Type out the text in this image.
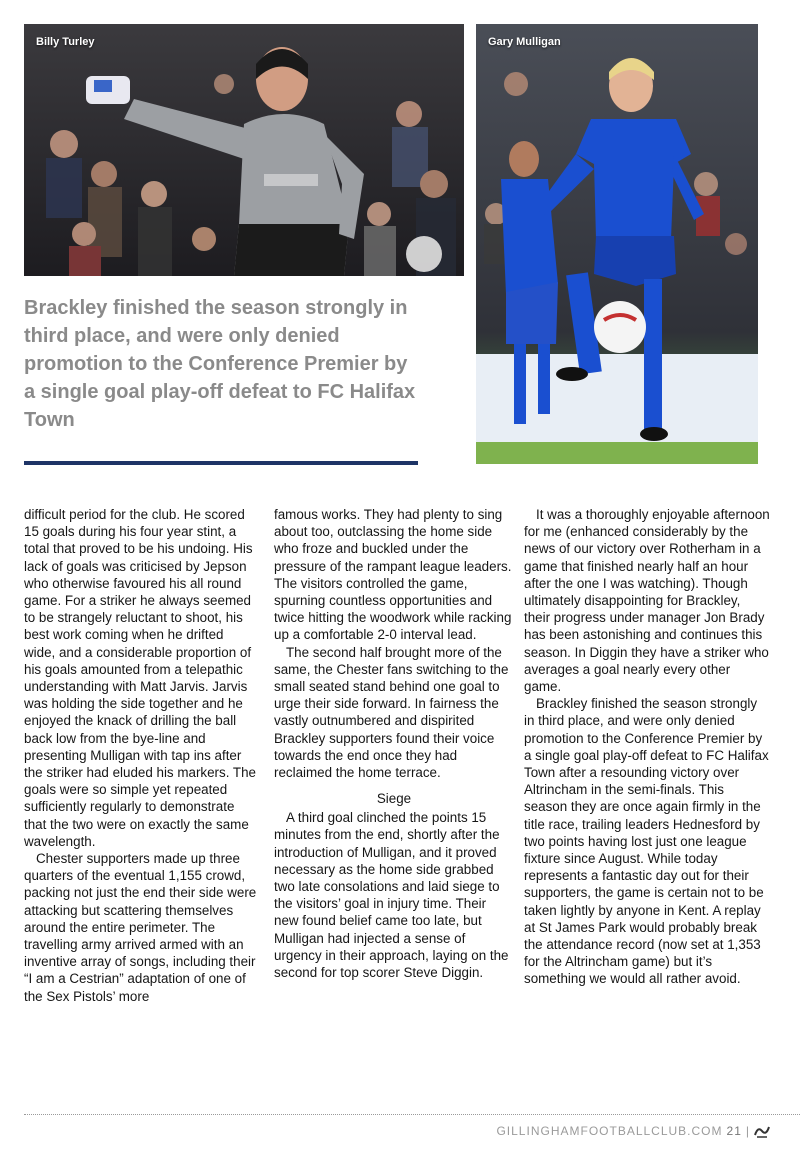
Billy Turley	Gary Mulligan
Brackley finished the season strongly in third place, and were only denied promotion to the Conference Premier by a single goal play-off defeat to FC Halifax Town

difficult period for the club. He scored 15 goals during his four year stint, a total that proved to be his undoing. His lack of goals was criticised by Jepson who otherwise favoured his all round game. For a striker he always seemed to be strangely reluctant to shoot, his best work coming when he drifted wide, and a considerable proportion of his goals amounted from a telepathic understanding with Matt Jarvis. Jarvis was holding the side together and he enjoyed the knack of drilling the ball back low from the bye-line and presenting Mulligan with tap ins after the striker had eluded his markers. The goals were so simple yet repeated sufficiently regularly to demonstrate that the two were on exactly the same wavelength.

Chester supporters made up three quarters of the eventual 1,155 crowd, packing not just the end their side were attacking but scattering themselves around the entire perimeter. The travelling army arrived armed with an inventive array of songs, including their “I am a Cestrian” adaptation of one of the Sex Pistols’ more

famous works. They had plenty to sing about too, outclassing the home side who froze and buckled under the pressure of the rampant league leaders. The visitors controlled the game, spurning countless opportunities and twice hitting the woodwork while racking up a comfortable 2-0 interval lead.

The second half brought more of the same, the Chester fans switching to the small seated stand behind one goal to urge their side forward. In fairness the vastly outnumbered and dispirited Brackley supporters found their voice towards the end once they had reclaimed the home terrace.

Siege

A third goal clinched the points 15 minutes from the end, shortly after the introduction of Mulligan, and it proved necessary as the home side grabbed two late consolations and laid siege to the visitors’ goal in injury time. Their new found belief came too late, but Mulligan had injected a sense of urgency in their approach, laying on the second for top scorer Steve Diggin.

It was a thoroughly enjoyable afternoon for me (enhanced considerably by the news of our victory over Rotherham in a game that finished nearly half an hour after the one I was watching). Though ultimately disappointing for Brackley, their progress under manager Jon Brady has been astonishing and continues this season. In Diggin they have a striker who averages a goal nearly every other game.

Brackley finished the season strongly in third place, and were only denied promotion to the Conference Premier by a single goal play-off defeat to FC Halifax Town after a resounding victory over Altrincham in the semi-finals. This season they are once again firmly in the title race, trailing leaders Hednesford by two points having lost just one league fixture since August. While today represents a fantastic day out for their supporters, the game is certain not to be taken lightly by anyone in Kent. A replay at St James Park would probably break the attendance record (now set at 1,353 for the Altrincham game) but it’s something we would all rather avoid.

GILLINGHAMFOOTBALLCLUB.COM 21 |
